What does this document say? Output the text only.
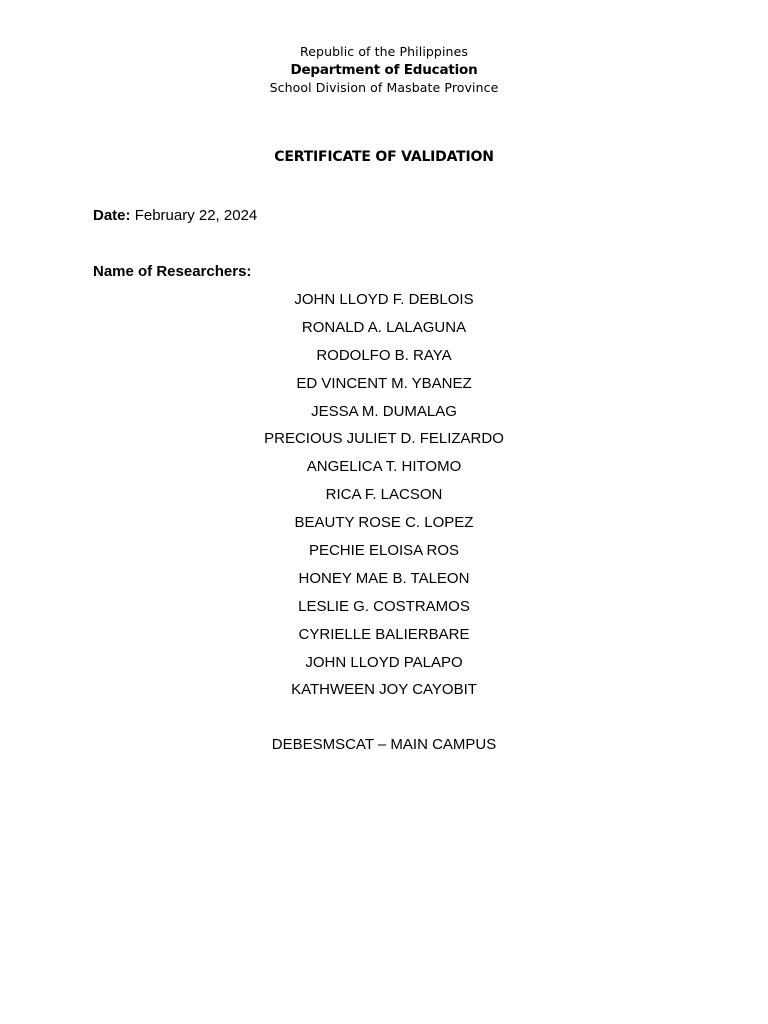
Republic of the Philippines
Department of Education
School Division of Masbate Province
CERTIFICATE OF VALIDATION
Date: February 22, 2024
Name of Researchers:
JOHN LLOYD F. DEBLOIS
RONALD A. LALAGUNA
RODOLFO B. RAYA
ED VINCENT M. YBANEZ
JESSA M. DUMALAG
PRECIOUS JULIET D. FELIZARDO
ANGELICA T. HITOMO
RICA F. LACSON
BEAUTY ROSE C. LOPEZ
PECHIE ELOISA ROS
HONEY MAE B. TALEON
LESLIE G. COSTRAMOS
CYRIELLE BALIERBARE
JOHN LLOYD PALAPO
KATHWEEN JOY CAYOBIT
DEBESMSCAT – MAIN CAMPUS
